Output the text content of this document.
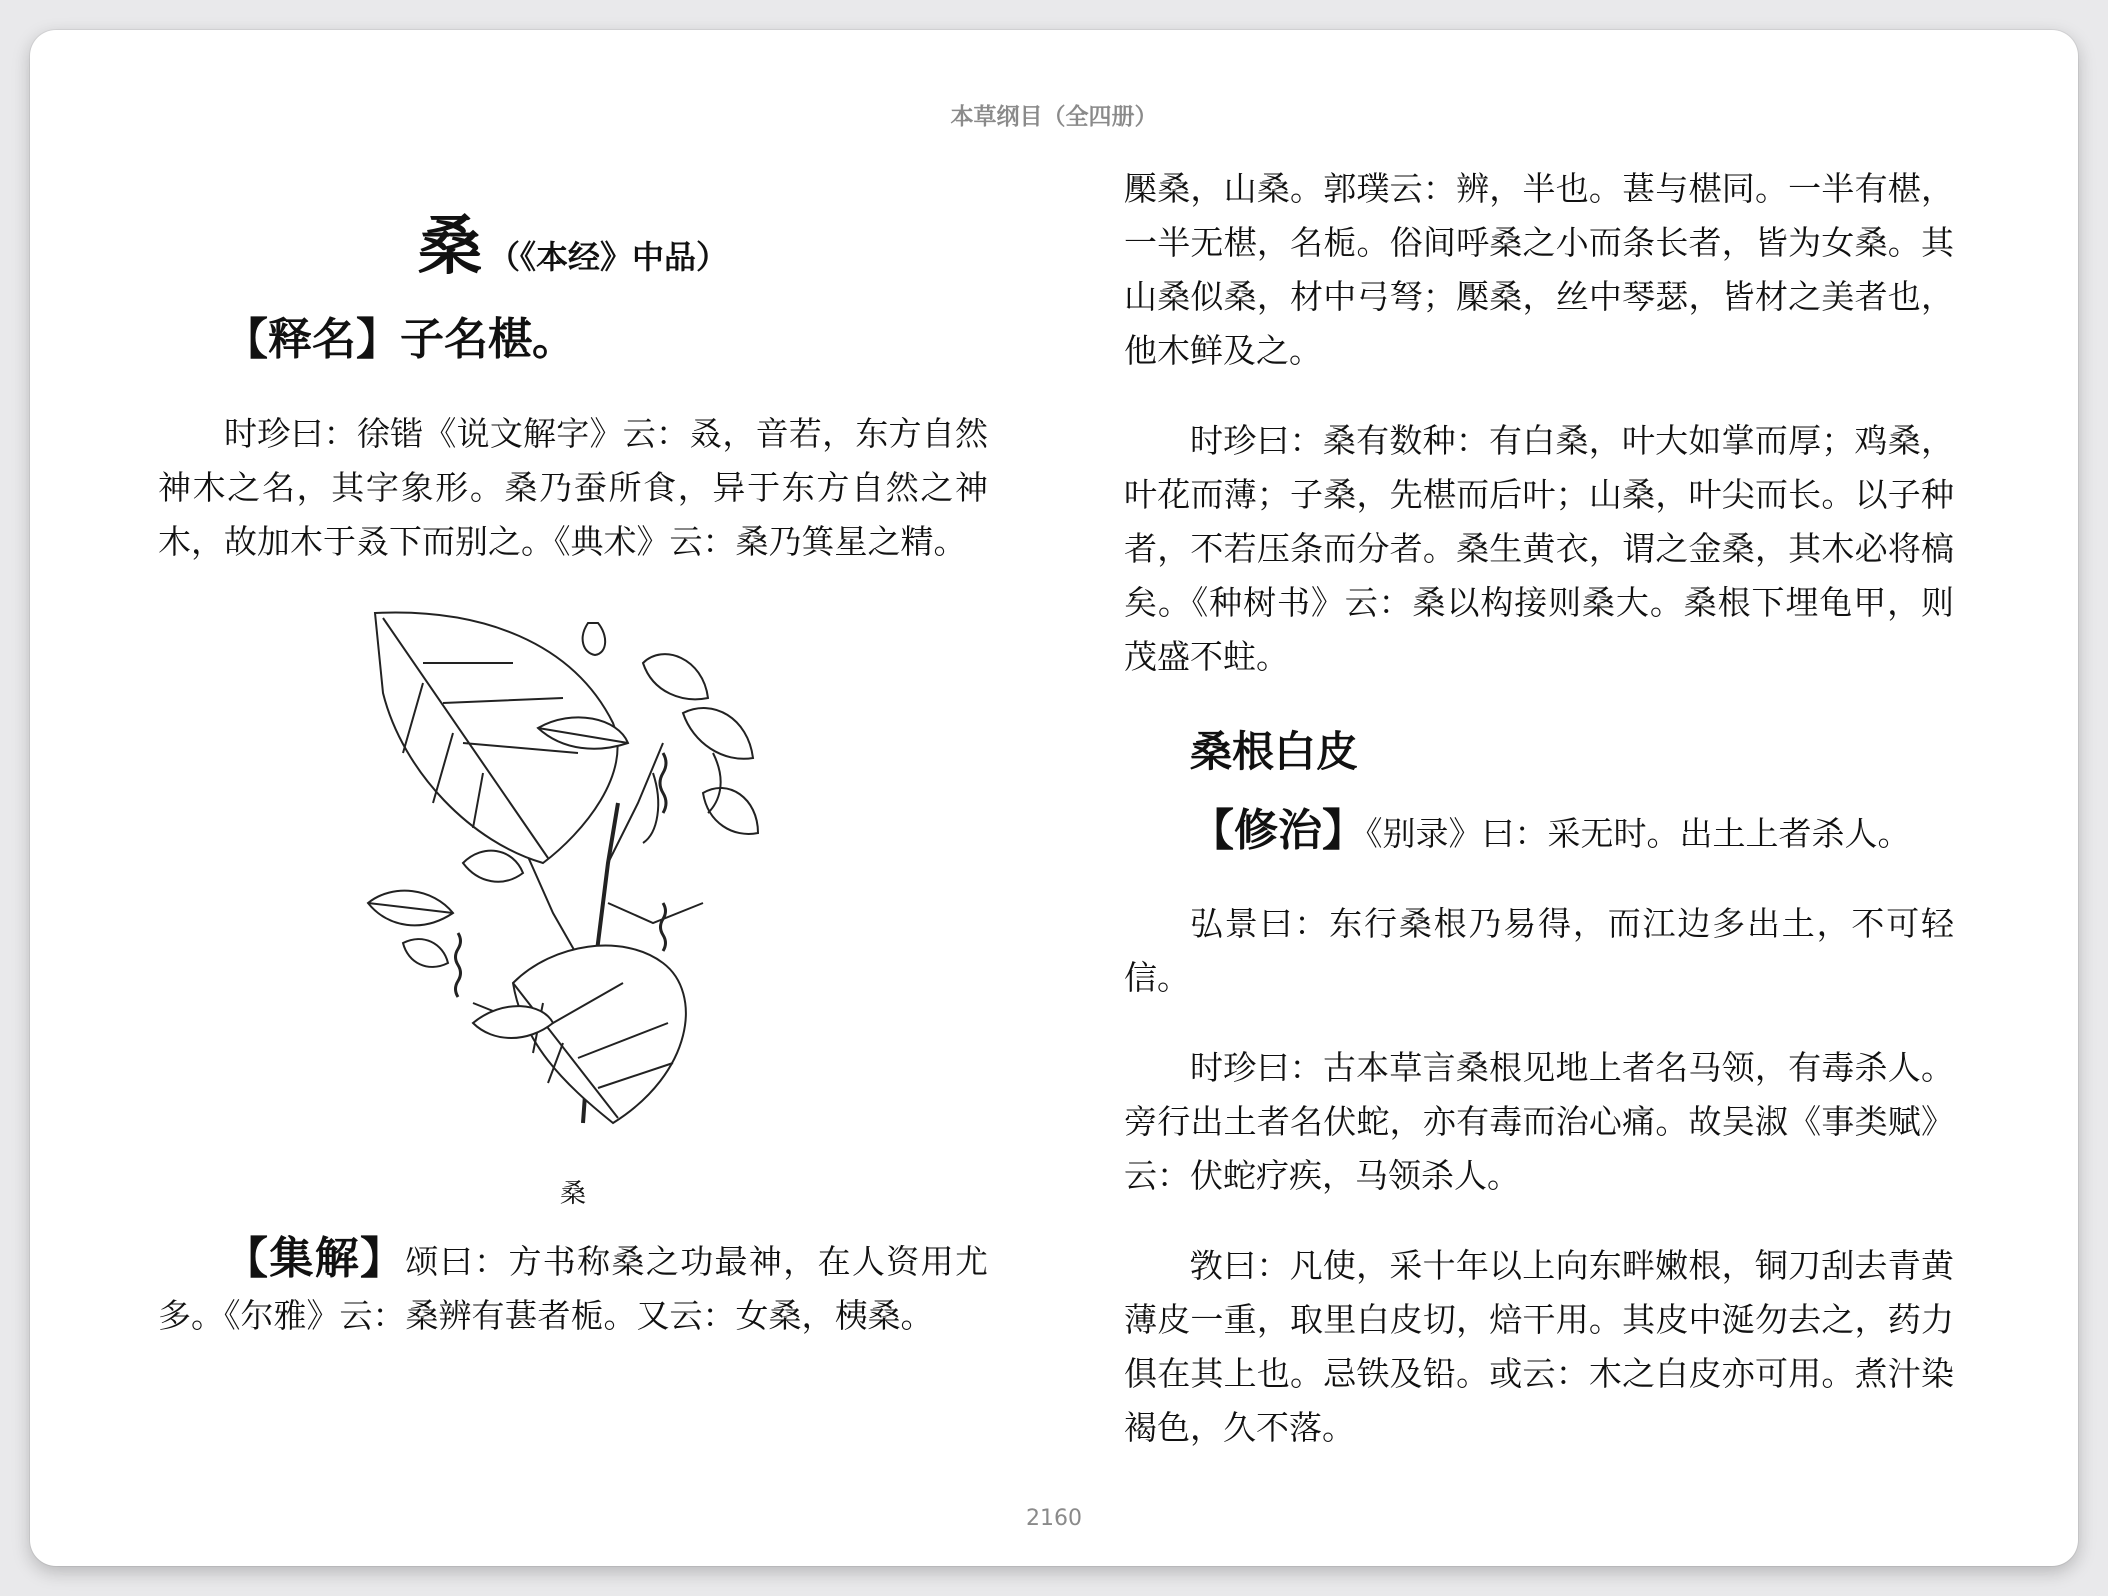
本草纲目（全四册）
桑 （《本经》中品）
【释名】子名椹。

时珍曰：徐锴《说文解字》云：叒，音若，东方自然神木之名，其字象形。桑乃蚕所食，异于东方自然之神木，故加木于叒下而别之。《典术》云：桑乃箕星之精。

桑

【集解】颂曰：方书称桑之功最神，在人资用尤多。《尔雅》云：桑辨有葚者栀。又云：女桑，桋桑。

檿桑，山桑。郭璞云：辨，半也。葚与椹同。一半有椹，一半无椹，名栀。俗间呼桑之小而条长者，皆为女桑。其山桑似桑，材中弓弩；檿桑，丝中琴瑟，皆材之美者也，他木鲜及之。

时珍曰：桑有数种：有白桑，叶大如掌而厚；鸡桑，叶花而薄；子桑，先椹而后叶；山桑，叶尖而长。以子种者，不若压条而分者。桑生黄衣，谓之金桑，其木必将槁矣。《种树书》云：桑以构接则桑大。桑根下埋龟甲，则茂盛不蛀。

桑根白皮

【修治】《别录》曰：采无时。出土上者杀人。

弘景曰：东行桑根乃易得，而江边多出土，不可轻信。

时珍曰：古本草言桑根见地上者名马领，有毒杀人。旁行出土者名伏蛇，亦有毒而治心痛。故吴淑《事类赋》云：伏蛇疗疾，马领杀人。

敩曰：凡使，采十年以上向东畔嫩根，铜刀刮去青黄薄皮一重，取里白皮切，焙干用。其皮中涎勿去之，药力俱在其上也。忌铁及铅。或云：木之白皮亦可用。煮汁染褐色，久不落。

2160
